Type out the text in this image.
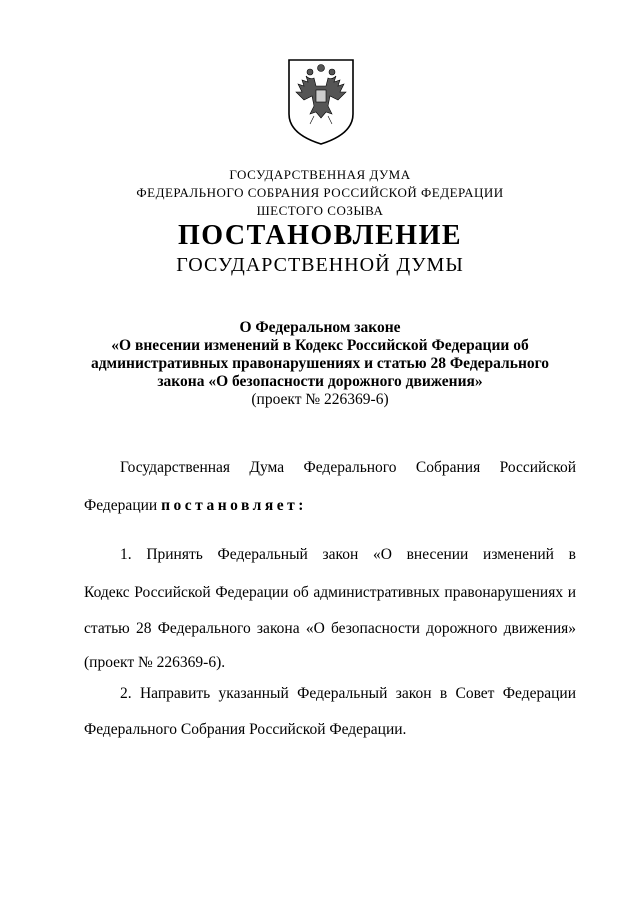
ГОСУДАРСТВЕННАЯ ДУМА
ФЕДЕРАЛЬНОГО СОБРАНИЯ РОССИЙСКОЙ ФЕДЕРАЦИИ
ШЕСТОГО СОЗЫВА
ПОСТАНОВЛЕНИЕ
ГОСУДАРСТВЕННОЙ ДУМЫ
О Федеральном законе
«О внесении изменений в Кодекс Российской Федерации об
административных правонарушениях и статью 28 Федерального
закона «О безопасности дорожного движения»
(проект № 226369-6)
Государственная Дума Федерального Собрания Российской
Федерации постановляет:
1. Принять Федеральный закон «О внесении изменений в
Кодекс Российской Федерации об административных правонарушениях и
статью 28 Федерального закона «О безопасности дорожного движения»
(проект № 226369-6).
2. Направить указанный Федеральный закон в Совет Федерации
Федерального Собрания Российской Федерации.
